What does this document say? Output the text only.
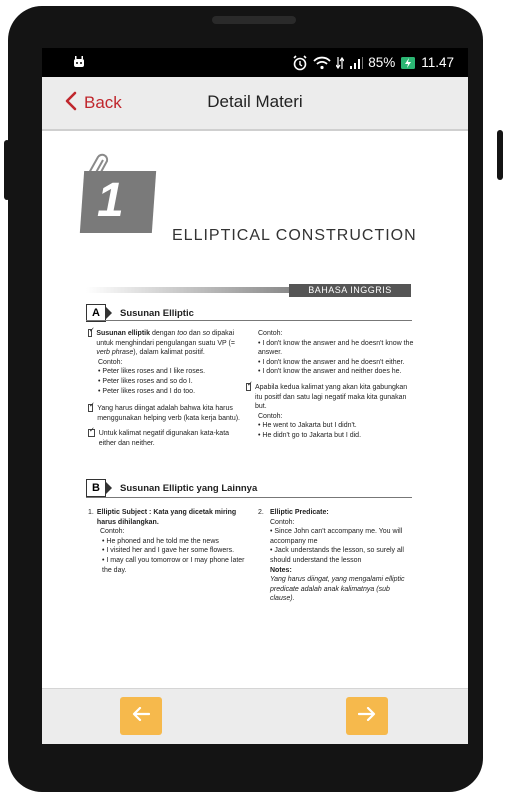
85% 11.47
Back	Detail Materi
1
ELLIPTICAL CONSTRUCTION
BAHASA INGGRIS
A	Susunan Elliptic
✓
Susunan elliptik dengan too dan so dipakai untuk menghindari pengulangan suatu VP (= verb phrase), dalam kalimat positif.
Contoh:
• Peter likes roses and I like roses.
• Peter likes roses and so do I.
• Peter likes roses and I do too.
✓
Yang harus diingat adalah bahwa kita harus menggunakan helping verb (kata kerja bantu).
✓
Untuk kalimat negatif digunakan kata-kata either dan neither.
Contoh:
• I don't know the answer and he doesn't know the answer.
• I don't know the answer and he doesn't either.
• I don't know the answer and neither does he.
✓
Apabila kedua kalimat yang akan kita gabungkan itu positf dan satu lagi negatif maka kita gunakan but.
Contoh:
• He went to Jakarta but I didn't.
• He didn't go to Jakarta but I did.
B	Susunan Elliptic yang Lainnya
1. Elliptic Subject : Kata yang dicetak miring harus dihilangkan.
Contoh:
• He phoned and he told me the news
• I visited her and I gave her some flowers.
• I may call you tomorrow or I may phone later the day.
2. Elliptic Predicate:
Contoh:
• Since John can't accompany me. You will accompany me
• Jack understands the lesson, so surely all should understand the lesson
Notes:
Yang harus diingat, yang mengalami elliptic predicate adalah anak kalimatnya (sub clause).
